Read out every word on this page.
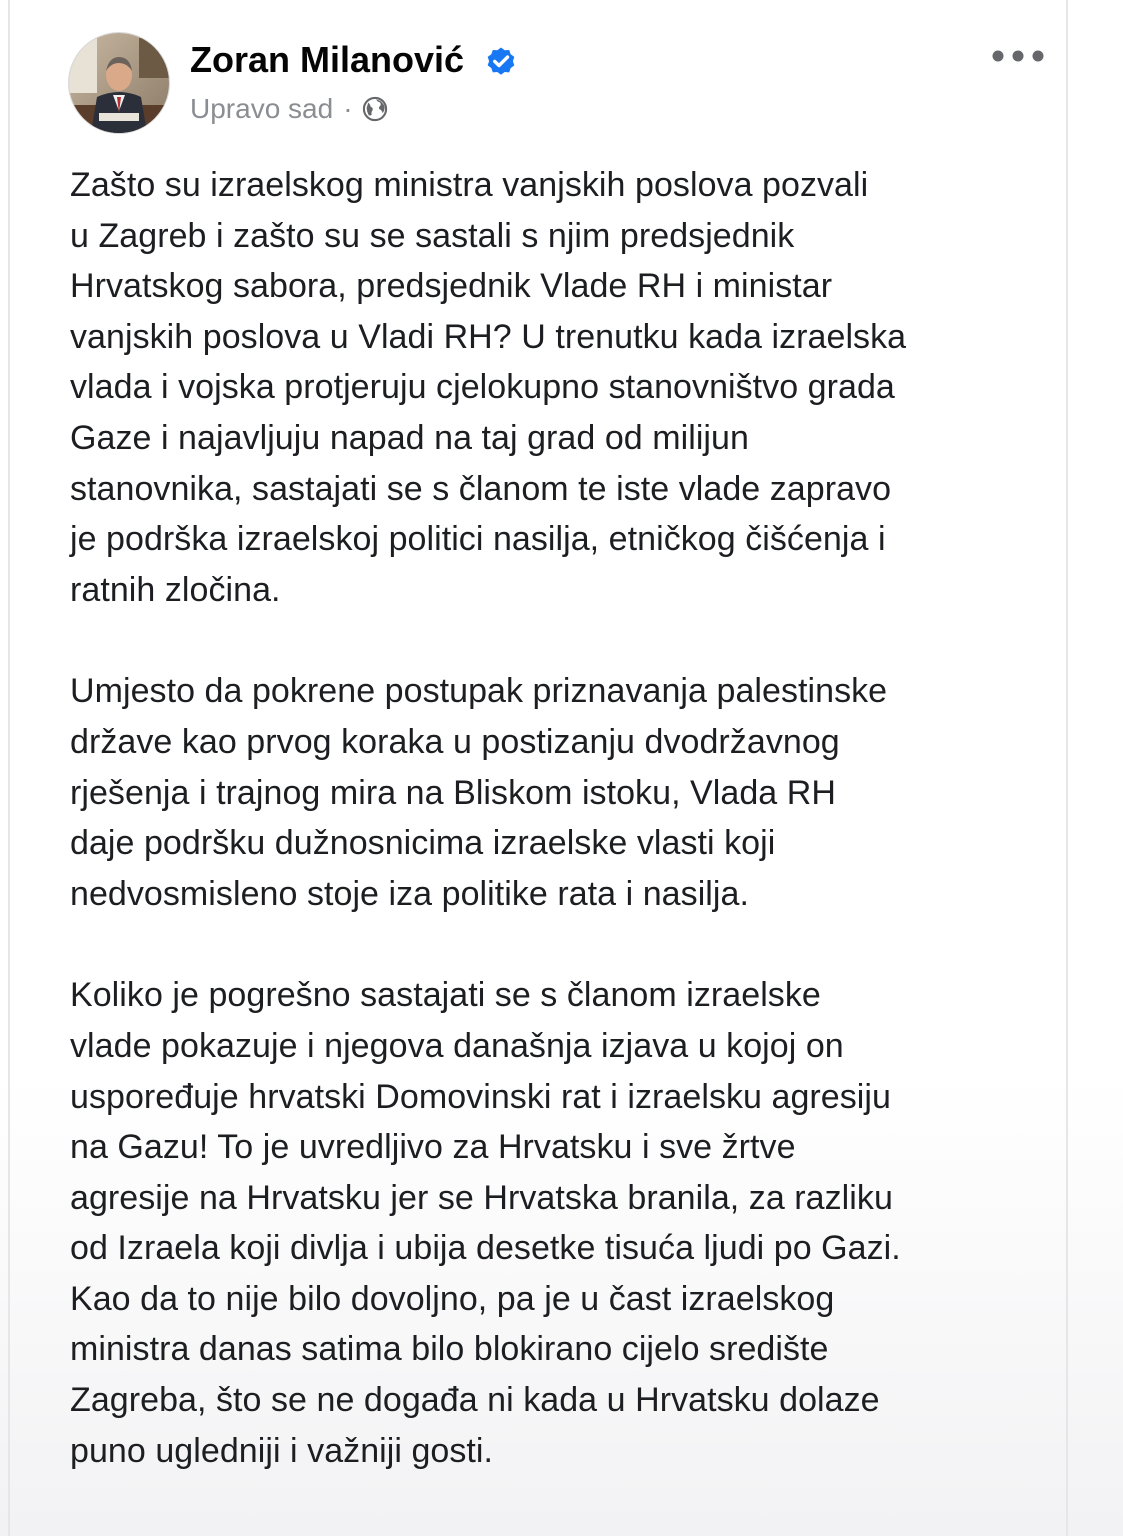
Zoran Milanović
Upravo sad ·

Zašto su izraelskog ministra vanjskih poslova pozvali
u Zagreb i zašto su se sastali s njim predsjednik
Hrvatskog sabora, predsjednik Vlade RH i ministar
vanjskih poslova u Vladi RH? U trenutku kada izraelska
vlada i vojska protjeruju cjelokupno stanovništvo grada
Gaze i najavljuju napad na taj grad od milijun
stanovnika, sastajati se s članom te iste vlade zapravo
je podrška izraelskoj politici nasilja, etničkog čišćenja i
ratnih zločina.

Umjesto da pokrene postupak priznavanja palestinske
države kao prvog koraka u postizanju dvodržavnog
rješenja i trajnog mira na Bliskom istoku, Vlada RH
daje podršku dužnosnicima izraelske vlasti koji
nedvosmisleno stoje iza politike rata i nasilja.

Koliko je pogrešno sastajati se s članom izraelske
vlade pokazuje i njegova današnja izjava u kojoj on
uspoređuje hrvatski Domovinski rat i izraelsku agresiju
na Gazu! To je uvredljivo za Hrvatsku i sve žrtve
agresije na Hrvatsku jer se Hrvatska branila, za razliku
od Izraela koji divlja i ubija desetke tisuća ljudi po Gazi.
Kao da to nije bilo dovoljno, pa je u čast izraelskog
ministra danas satima bilo blokirano cijelo središte
Zagreba, što se ne događa ni kada u Hrvatsku dolaze
puno ugledniji i važniji gosti.
